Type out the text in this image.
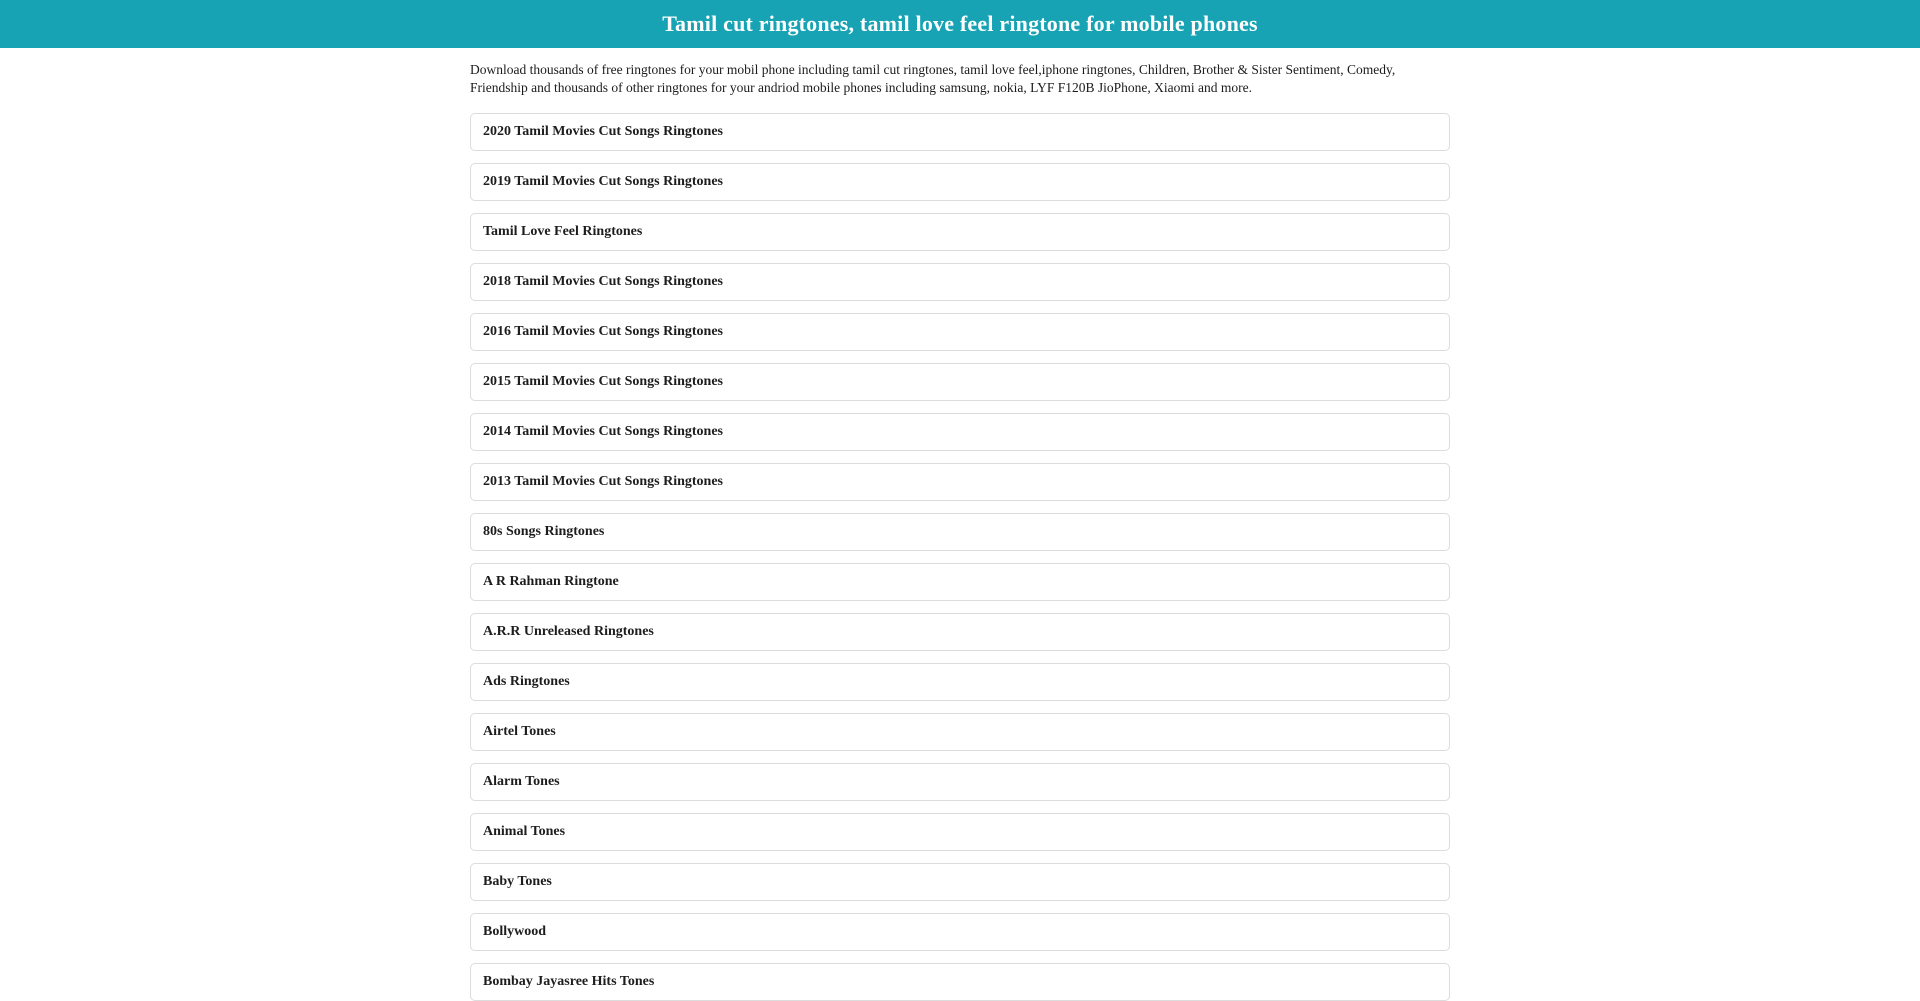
Tamil cut ringtones, tamil love feel ringtone for mobile phones

Download thousands of free ringtones for your mobil phone including tamil cut ringtones, tamil love feel,iphone ringtones, Children, Brother & Sister Sentiment, Comedy, Friendship and thousands of other ringtones for your andriod mobile phones including samsung, nokia, LYF F120B JioPhone, Xiaomi and more.

2020 Tamil Movies Cut Songs Ringtones
2019 Tamil Movies Cut Songs Ringtones
Tamil Love Feel Ringtones
2018 Tamil Movies Cut Songs Ringtones
2016 Tamil Movies Cut Songs Ringtones
2015 Tamil Movies Cut Songs Ringtones
2014 Tamil Movies Cut Songs Ringtones
2013 Tamil Movies Cut Songs Ringtones
80s Songs Ringtones
A R Rahman Ringtone
A.R.R Unreleased Ringtones
Ads Ringtones
Airtel Tones
Alarm Tones
Animal Tones
Baby Tones
Bollywood
Bombay Jayasree Hits Tones
